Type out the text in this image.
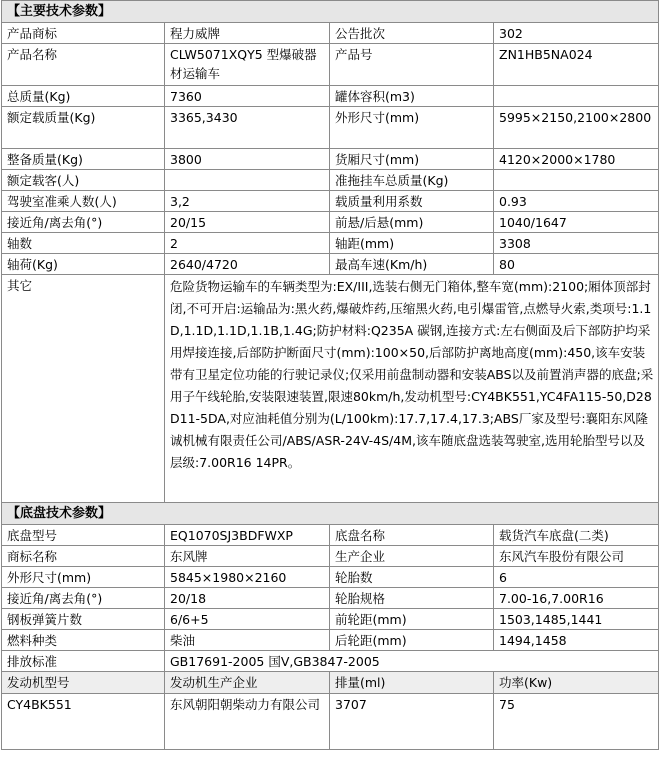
【主要技术参数】			
产品商标	程力威牌	公告批次	302
产品名称	CLW5071XQY5 型爆破器材运输车	产品号	ZN1HB5NA024
总质量(Kg)	7360	罐体容积(m3)	
额定载质量(Kg)	3365,3430	外形尺寸(mm)	5995×2150,2100×2800
整备质量(Kg)	3800	货厢尺寸(mm)	4120×2000×1780
额定载客(人)		准拖挂车总质量(Kg)	
驾驶室准乘人数(人)	3,2	载质量利用系数	0.93
接近角/离去角(°)	20/15	前悬/后悬(mm)	1040/1647
轴数	2	轴距(mm)	3308
轴荷(Kg)	2640/4720	最高车速(Km/h)	80
其它	危险货物运输车的车辆类型为:EX/III,选装右侧无门箱体,整车宽(mm):2100;厢体顶部封闭,不可开启:运输品为:黑火药,爆破炸药,压缩黑火药,电引爆雷管,点燃导火索,类项号:1.1D,1.1D,1.1D,1.1B,1.4G;防护材料:Q235A 碳钢,连接方式:左右侧面及后下部防护均采用焊接连接,后部防护断面尺寸(mm):100×50,后部防护离地高度(mm):450,该车安装带有卫星定位功能的行驶记录仪;仅采用前盘制动器和安装ABS以及前置消声器的底盘;采用子午线轮胎,安装限速装置,限速80km/h,发动机型号:CY4BK551,YC4FA115-50,D28D11-5DA,对应油耗值分别为(L/100km):17.7,17.4,17.3;ABS厂家及型号:襄阳东风隆诚机械有限责任公司/ABS/ASR-24V-4S/4M,该车随底盘选装驾驶室,选用轮胎型号以及层级:7.00R16 14PR。		
【底盘技术参数】			
底盘型号	EQ1070SJ3BDFWXP	底盘名称	载货汽车底盘(二类)
商标名称	东风牌	生产企业	东风汽车股份有限公司
外形尺寸(mm)	5845×1980×2160	轮胎数	6
接近角/离去角(°)	20/18	轮胎规格	7.00-16,7.00R16
钢板弹簧片数	6/6+5	前轮距(mm)	1503,1485,1441
燃料种类	柴油	后轮距(mm)	1494,1458
排放标准	GB17691-2005 国V,GB3847-2005		
发动机型号	发动机生产企业	排量(ml)	功率(Kw)
CY4BK551	东风朝阳朝柴动力有限公司	3707	75
